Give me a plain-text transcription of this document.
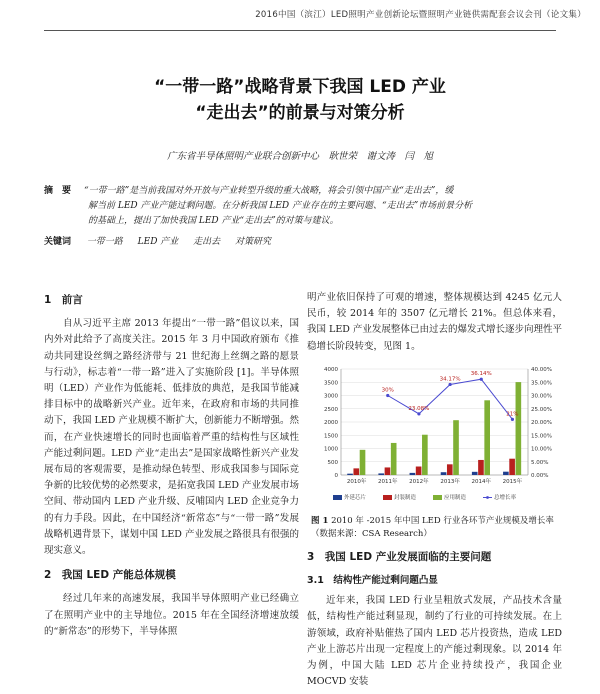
2016中国（滨江）LED照明产业创新论坛暨照明产业链供需配套会议会刊（论文集）
“一带一路”战略背景下我国 LED 产业
“走出去”的前景与对策分析
广东省半导体照明产业联合创新中心　耿世荣　谢文涛　闫　旭
摘　要 “一带一路”是当前我国对外开放与产业转型升级的重大战略，将会引领中国产业“走出去”，缓
解当前 LED 产业产能过剩问题。在分析我国 LED 产业存在的主要问题、“走出去”市场前景分析
的基础上，提出了加快我国 LED 产业“走出去”的对策与建议。
关键词 一带一路 LED 产业 走出去 对策研究
1　前言

自从习近平主席 2013 年提出“一带一路”倡议以来，国内外对此给予了高度关注。2015 年 3 月中国政府颁布《推动共同建设丝绸之路经济带与 21 世纪海上丝绸之路的愿景与行动》，标志着“一带一路”进入了实施阶段 [1]。半导体照明（LED）产业作为低能耗、低排放的典范，是我国节能减排目标中的战略新兴产业。近年来，在政府和市场的共同推动下，我国 LED 产业规模不断扩大，创新能力不断增强。然而，在产业快速增长的同时也面临着严重的结构性与区域性产能过剩问题。LED 产业“走出去”是国家战略性新兴产业发展布局的客观需要，是推动绿色转型、形成我国参与国际竞争新的比较优势的必然要求，是拓宽我国 LED 产业发展市场空间、带动国内 LED 产业升级、反哺国内 LED 企业竞争力的有力手段。因此，在中国经济“新常态”与“一带一路”发展战略机遇背景下，谋划中国 LED 产业发展之路很具有很强的现实意义。

2　我国 LED 产能总体规模

经过几年来的高速发展，我国半导体照明产业已经确立了在照明产业中的主导地位。2015 年在全国经济增速放缓的“新常态”的形势下，半导体照

明产业依旧保持了可观的增速，整体规模达到 4245 亿元人民币，较 2014 年的 3507 亿元增长 21%。但总体来看，我国 LED 产业发展整体已由过去的爆发式增长逐步向理性平稳增长阶段转变，见图 1。

0
500
1000
1500
2000
2500
3000
3500
4000
0.00%
5.00%
10.00%
15.00%
20.00%
25.00%
30.00%
35.00%
40.00%
2010年 2011年 2012年 2013年 2014年 2015年
30%
23.08%
34.17%
36.14%
21%
外延芯片	封装制造	应用制造	总增长率
图 1 2010 年 -2015 年中国 LED 行业各环节产业规模及增长率（数据来源：CSA Research）
3　我国 LED 产业发展面临的主要问题
3.1　结构性产能过剩问题凸显

近年来，我国 LED 行业呈粗放式发展，产品技术含量低，结构性产能过剩显现，制约了行业的可持续发展。在上游领域，政府补贴催热了国内 LED 芯片投资热，造成 LED 产业上游芯片出现一定程度上的产能过剩现象。以 2014 年为例，中国大陆 LED 芯片企业持续投产，我国企业 MOCVD 安装
